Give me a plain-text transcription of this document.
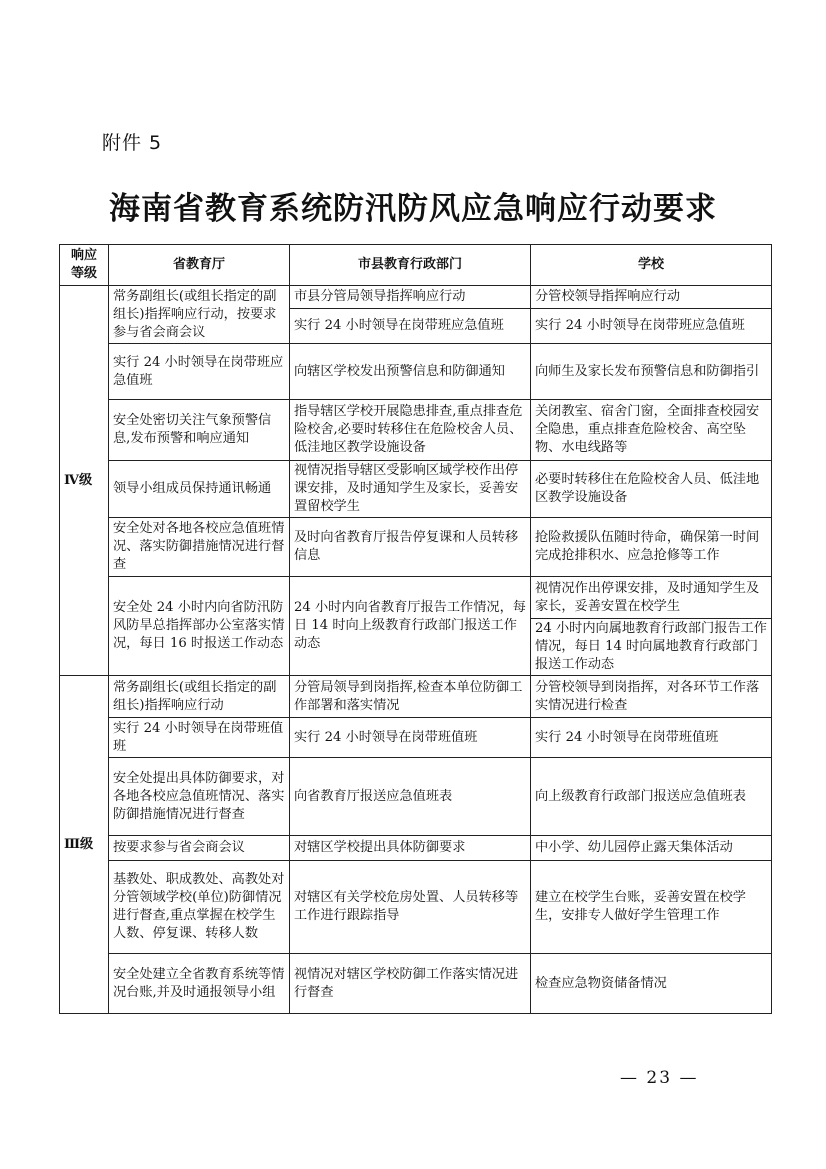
附件 5
海南省教育系统防汛防风应急响应行动要求
响应等级	省教育厅	市县教育行政部门	学校
Ⅳ级	常务副组长(或组长指定的副组长)指挥响应行动，按要求参与省会商会议	市县分管局领导指挥响应行动	分管校领导指挥响应行动
		实行 24 小时领导在岗带班应急值班	实行 24 小时领导在岗带班应急值班
	实行 24 小时领导在岗带班应急值班	向辖区学校发出预警信息和防御通知	向师生及家长发布预警信息和防御指引
	安全处密切关注气象预警信息,发布预警和响应通知	指导辖区学校开展隐患排查,重点排查危险校舍,必要时转移住在危险校舍人员、低洼地区教学设施设备	关闭教室、宿舍门窗，全面排查校园安全隐患，重点排查危险校舍、高空坠物、水电线路等
	领导小组成员保持通讯畅通	视情况指导辖区受影响区域学校作出停课安排，及时通知学生及家长，妥善安置留校学生	必要时转移住在危险校舍人员、低洼地区教学设施设备
	安全处对各地各校应急值班情况、落实防御措施情况进行督查	及时向省教育厅报告停复课和人员转移信息	抢险救援队伍随时待命，确保第一时间完成抢排积水、应急抢修等工作
	安全处 24 小时内向省防汛防风防旱总指挥部办公室落实情况，每日 16 时报送工作动态	24 小时内向省教育厅报告工作情况，每日 14 时向上级教育行政部门报送工作动态	视情况作出停课安排，及时通知学生及家长，妥善安置在校学生
			24 小时内向属地教育行政部门报告工作情况，每日 14 时向属地教育行政部门报送工作动态

Ⅲ级	常务副组长(或组长指定的副组长)指挥响应行动	分管局领导到岗指挥,检查本单位防御工作部署和落实情况	分管校领导到岗指挥，对各环节工作落实情况进行检查
	实行 24 小时领导在岗带班值班	实行 24 小时领导在岗带班值班	实行 24 小时领导在岗带班值班
	安全处提出具体防御要求，对各地各校应急值班情况、落实防御措施情况进行督查	向省教育厅报送应急值班表	向上级教育行政部门报送应急值班表
	按要求参与省会商会议	对辖区学校提出具体防御要求	中小学、幼儿园停止露天集体活动
	基教处、职成教处、高教处对分管领域学校(单位)防御情况进行督查,重点掌握在校学生人数、停复课、转移人数	对辖区有关学校危房处置、人员转移等工作进行跟踪指导	建立在校学生台账，妥善安置在校学生，安排专人做好学生管理工作
	安全处建立全省教育系统等情况台账,并及时通报领导小组	视情况对辖区学校防御工作落实情况进行督查	检查应急物资储备情况
— 23 —
